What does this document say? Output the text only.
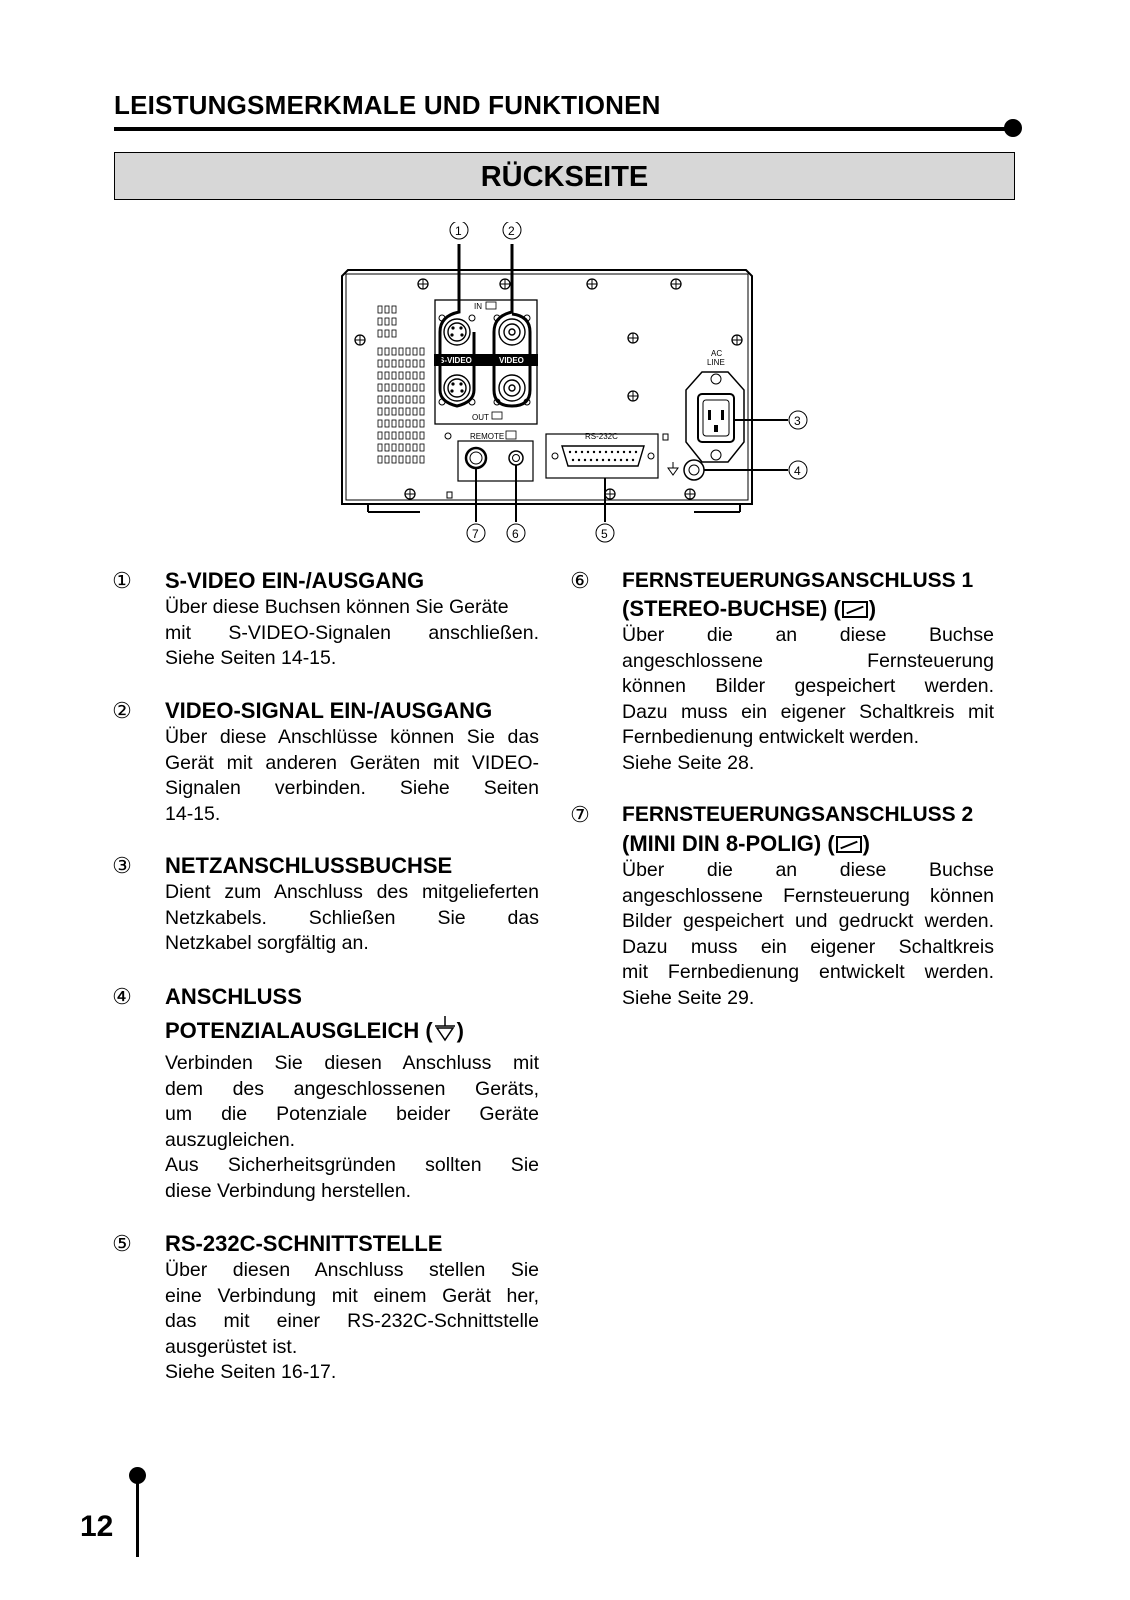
LEISTUNGSMERKMALE UND FUNKTIONEN
RÜCKSEITE
IN
OUT
S-VIDEO	VIDEO
1	2
REMOTE
7	6
RS-232C
5
AC
LINE
3
4
① S-VIDEO EIN-/AUSGANG
Über diese Buchsen können Sie Geräte
mit S-VIDEO-Signalen anschließen.
Siehe Seiten 14-15.
② VIDEO-SIGNAL EIN-/AUSGANG
Über diese Anschlüsse können Sie das
Gerät mit anderen Geräten mit VIDEO-
Signalen verbinden. Siehe Seiten
14-15.
③ NETZANSCHLUSSBUCHSE
Dient zum Anschluss des mitgelieferten
Netzkabels. Schließen Sie das
Netzkabel sorgfältig an.
④ ANSCHLUSS
POTENZIALAUSGLEICH ( )
Verbinden Sie diesen Anschluss mit
dem des angeschlossenen Geräts,
um die Potenziale beider Geräte
auszugleichen.
Aus Sicherheitsgründen sollten Sie
diese Verbindung herstellen.
⑤ RS-232C-SCHNITTSTELLE
Über diesen Anschluss stellen Sie
eine Verbindung mit einem Gerät her,
das mit einer RS-232C-Schnittstelle
ausgerüstet ist.
Siehe Seiten 16-17.
⑥ FERNSTEUERUNGSANSCHLUSS 1
(STEREO-BUCHSE) ( )
Über die an diese Buchse
angeschlossene Fernsteuerung
können Bilder gespeichert werden.
Dazu muss ein eigener Schaltkreis mit
Fernbedienung entwickelt werden.
Siehe Seite 28.
⑦ FERNSTEUERUNGSANSCHLUSS 2
(MINI DIN 8-POLIG) ( )
Über die an diese Buchse
angeschlossene Fernsteuerung können
Bilder gespeichert und gedruckt werden.
Dazu muss ein eigener Schaltkreis
mit Fernbedienung entwickelt werden.
Siehe Seite 29.
12
